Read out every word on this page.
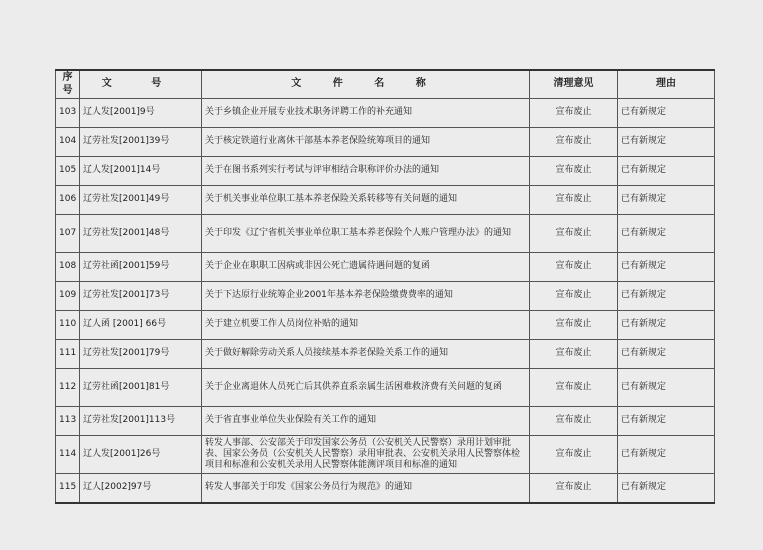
序号	文 号	文 件 名 称	清理意见	理由
103	辽人发[2001]9号	关于乡镇企业开展专业技术职务评聘工作的补充通知	宣布废止	已有新规定
104	辽劳社发[2001]39号	关于核定铁道行业离休干部基本养老保险统筹项目的通知	宣布废止	已有新规定
105	辽人发[2001]14号	关于在图书系列实行考试与评审相结合职称评价办法的通知	宣布废止	已有新规定
106	辽劳社发[2001]49号	关于机关事业单位职工基本养老保险关系转移等有关问题的通知	宣布废止	已有新规定
107	辽劳社发[2001]48号	关于印发《辽宁省机关事业单位职工基本养老保险个人账户管理办法》的通知	宣布废止	已有新规定
108	辽劳社函[2001]59号	关于企业在职职工因病或非因公死亡遗属待遇问题的复函	宣布废止	已有新规定
109	辽劳社发[2001]73号	关于下达原行业统筹企业2001年基本养老保险缴费费率的通知	宣布废止	已有新规定
110	辽人函 [2001] 66号	关于建立机要工作人员岗位补贴的通知	宣布废止	已有新规定
111	辽劳社发[2001]79号	关于做好解除劳动关系人员接续基本养老保险关系工作的通知	宣布废止	已有新规定
112	辽劳社函[2001]81号	关于企业离退休人员死亡后其供养直系亲属生活困难救济费有关问题的复函	宣布废止	已有新规定
113	辽劳社发[2001]113号	关于省直事业单位失业保险有关工作的通知	宣布废止	已有新规定
114	辽人发[2001]26号	转发人事部、公安部关于印发国家公务员（公安机关人民警察）录用计划审批表、国家公务员（公安机关人民警察）录用审批表、公安机关录用人民警察体检项目和标准和公安机关录用人民警察体能测评项目和标准的通知	宣布废止	已有新规定
115	辽人[2002]97号	转发人事部关于印发《国家公务员行为规范》的通知	宣布废止	已有新规定
